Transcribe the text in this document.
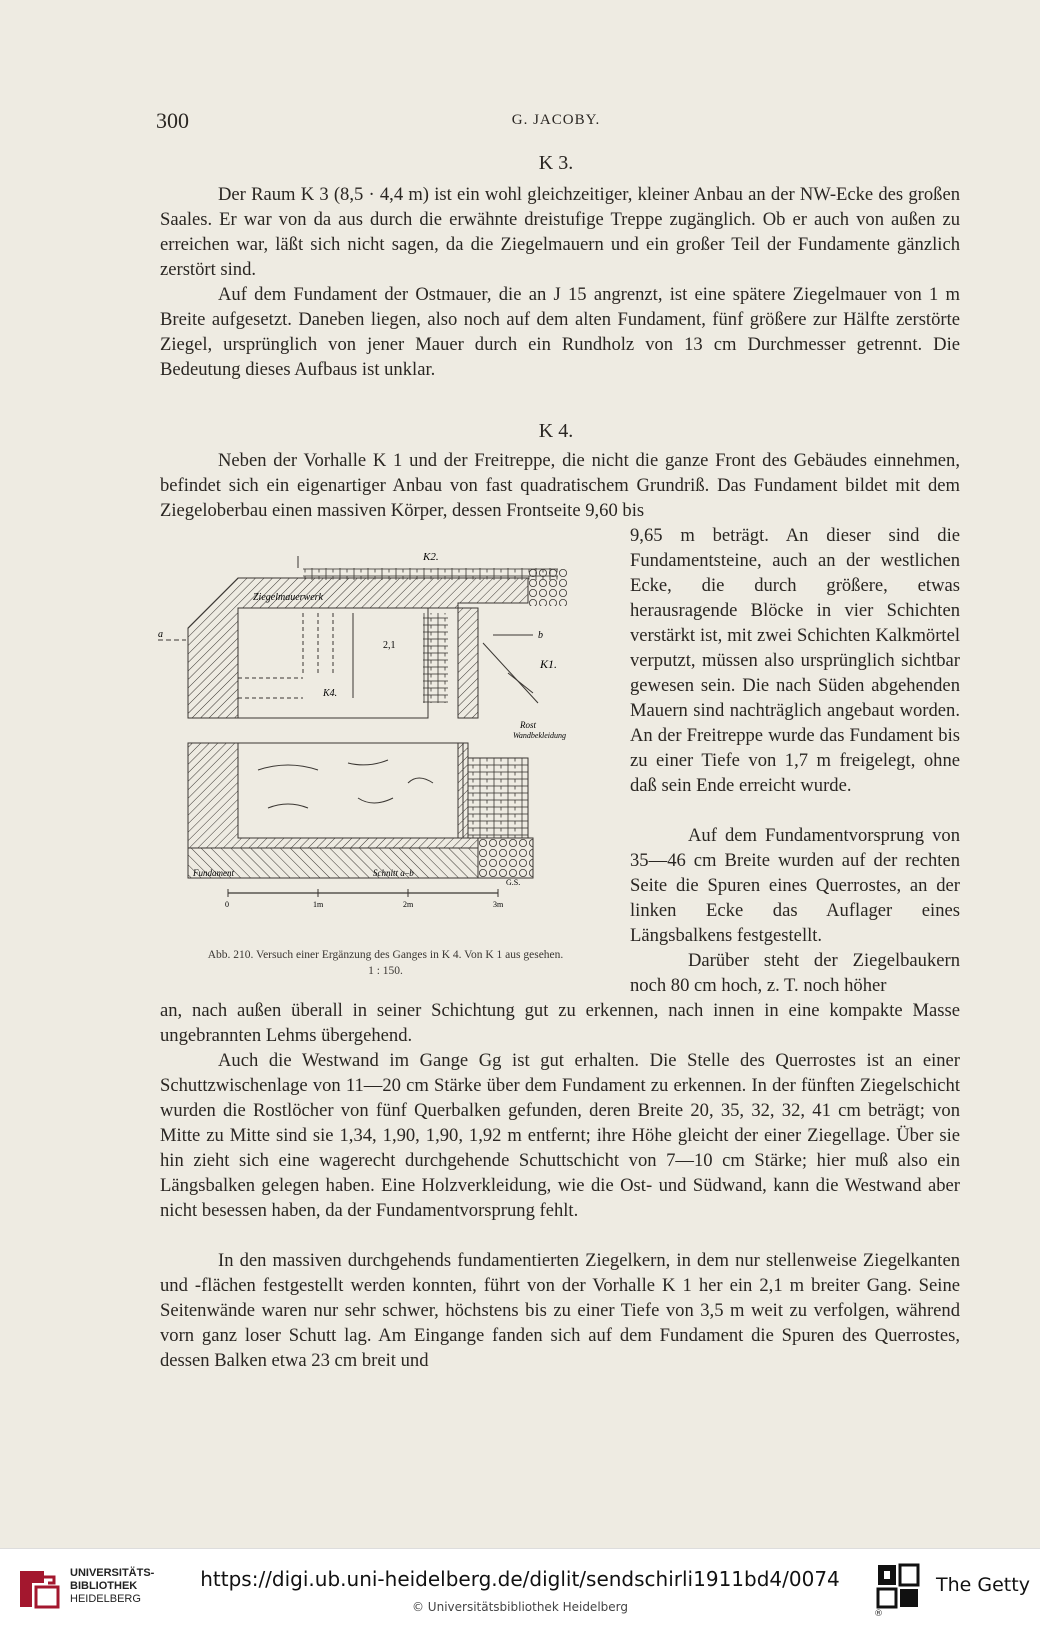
300	G. JACOBY.
K 3.

Der Raum K 3 (8,5 · 4,4 m) ist ein wohl gleichzeitiger, kleiner Anbau an der NW-Ecke des großen Saales. Er war von da aus durch die erwähnte dreistufige Treppe zugänglich. Ob er auch von außen zu erreichen war, läßt sich nicht sagen, da die Ziegelmauern und ein großer Teil der Fundamente gänzlich zerstört sind.

Auf dem Fundament der Ostmauer, die an J 15 angrenzt, ist eine spätere Ziegelmauer von 1 m Breite aufgesetzt. Daneben liegen, also noch auf dem alten Fundament, fünf größere zur Hälfte zerstörte Ziegel, ursprünglich von jener Mauer durch ein Rundholz von 13 cm Durchmesser getrennt. Die Bedeutung dieses Aufbaus ist unklar.

K 4.

Neben der Vorhalle K 1 und der Freitreppe, die nicht die ganze Front des Gebäudes einnehmen, befindet sich ein eigenartiger Anbau von fast quadratischem Grundriß. Das Fundament bildet mit dem Ziegeloberbau einen massiven Körper, dessen Frontseite 9,60 bis

9,65 m beträgt. An dieser sind die Fundamentsteine, auch an der westlichen Ecke, die durch größere, etwas herausragende Blöcke in vier Schichten verstärkt ist, mit zwei Schichten Kalkmörtel verputzt, müssen also ursprünglich sichtbar gewesen sein. Die nach Süden abgehenden Mauern sind nachträglich angebaut worden. An der Freitreppe wurde das Fundament bis zu einer Tiefe von 1,7 m freigelegt, ohne daß sein Ende erreicht wurde.

Auf dem Fundamentvorsprung von 35—46 cm Breite wurden auf der rechten Seite die Spuren eines Querrostes, an der linken Ecke das Auflager eines Längsbalkens festgestellt.

Darüber steht der Ziegelbaukern noch 80 cm hoch, z. T. noch höher

an, nach außen überall in seiner Schichtung gut zu erkennen, nach innen in eine kompakte Masse ungebrannten Lehms übergehend.

Auch die Westwand im Gange Gg ist gut erhalten. Die Stelle des Querrostes ist an einer Schuttzwischenlage von 11—20 cm Stärke über dem Fundament zu erkennen. In der fünften Ziegelschicht wurden die Rostlöcher von fünf Querbalken gefunden, deren Breite 20, 35, 32, 32, 41 cm beträgt; von Mitte zu Mitte sind sie 1,34, 1,90, 1,90, 1,92 m entfernt; ihre Höhe gleicht der einer Ziegellage. Über sie hin zieht sich eine wagerecht durchgehende Schuttschicht von 7—10 cm Stärke; hier muß also ein Längsbalken gelegen haben. Eine Holzverkleidung, wie die Ost- und Südwand, kann die Westwand aber nicht besessen haben, da der Fundamentvorsprung fehlt.

In den massiven durchgehends fundamentierten Ziegelkern, in dem nur stellenweise Ziegelkanten und -flächen festgestellt werden konnten, führt von der Vorhalle K 1 her ein 2,1 m breiter Gang. Seine Seitenwände waren nur sehr schwer, höchstens bis zu einer Tiefe von 3,5 m weit zu verfolgen, während vorn ganz loser Schutt lag. Am Eingange fanden sich auf dem Fundament die Spuren des Querrostes, dessen Balken etwa 23 cm breit und

K2.
Ziegelmauerwerk
2,1
b
a
K1.
K4.
Rost
Wandbekleidung
Fundament	Schnitt a–b
G.S.
0	1m	2m	3m
Abb. 210. Versuch einer Ergänzung des Ganges in K 4. Von K 1 aus gesehen.
1 : 150.
UNIVERSITÄTS-
BIBLIOTHEK
HEIDELBERG
https://digi.ub.uni-heidelberg.de/diglit/sendschirli1911bd4/0074
© Universitätsbibliothek Heidelberg	®
The Getty
